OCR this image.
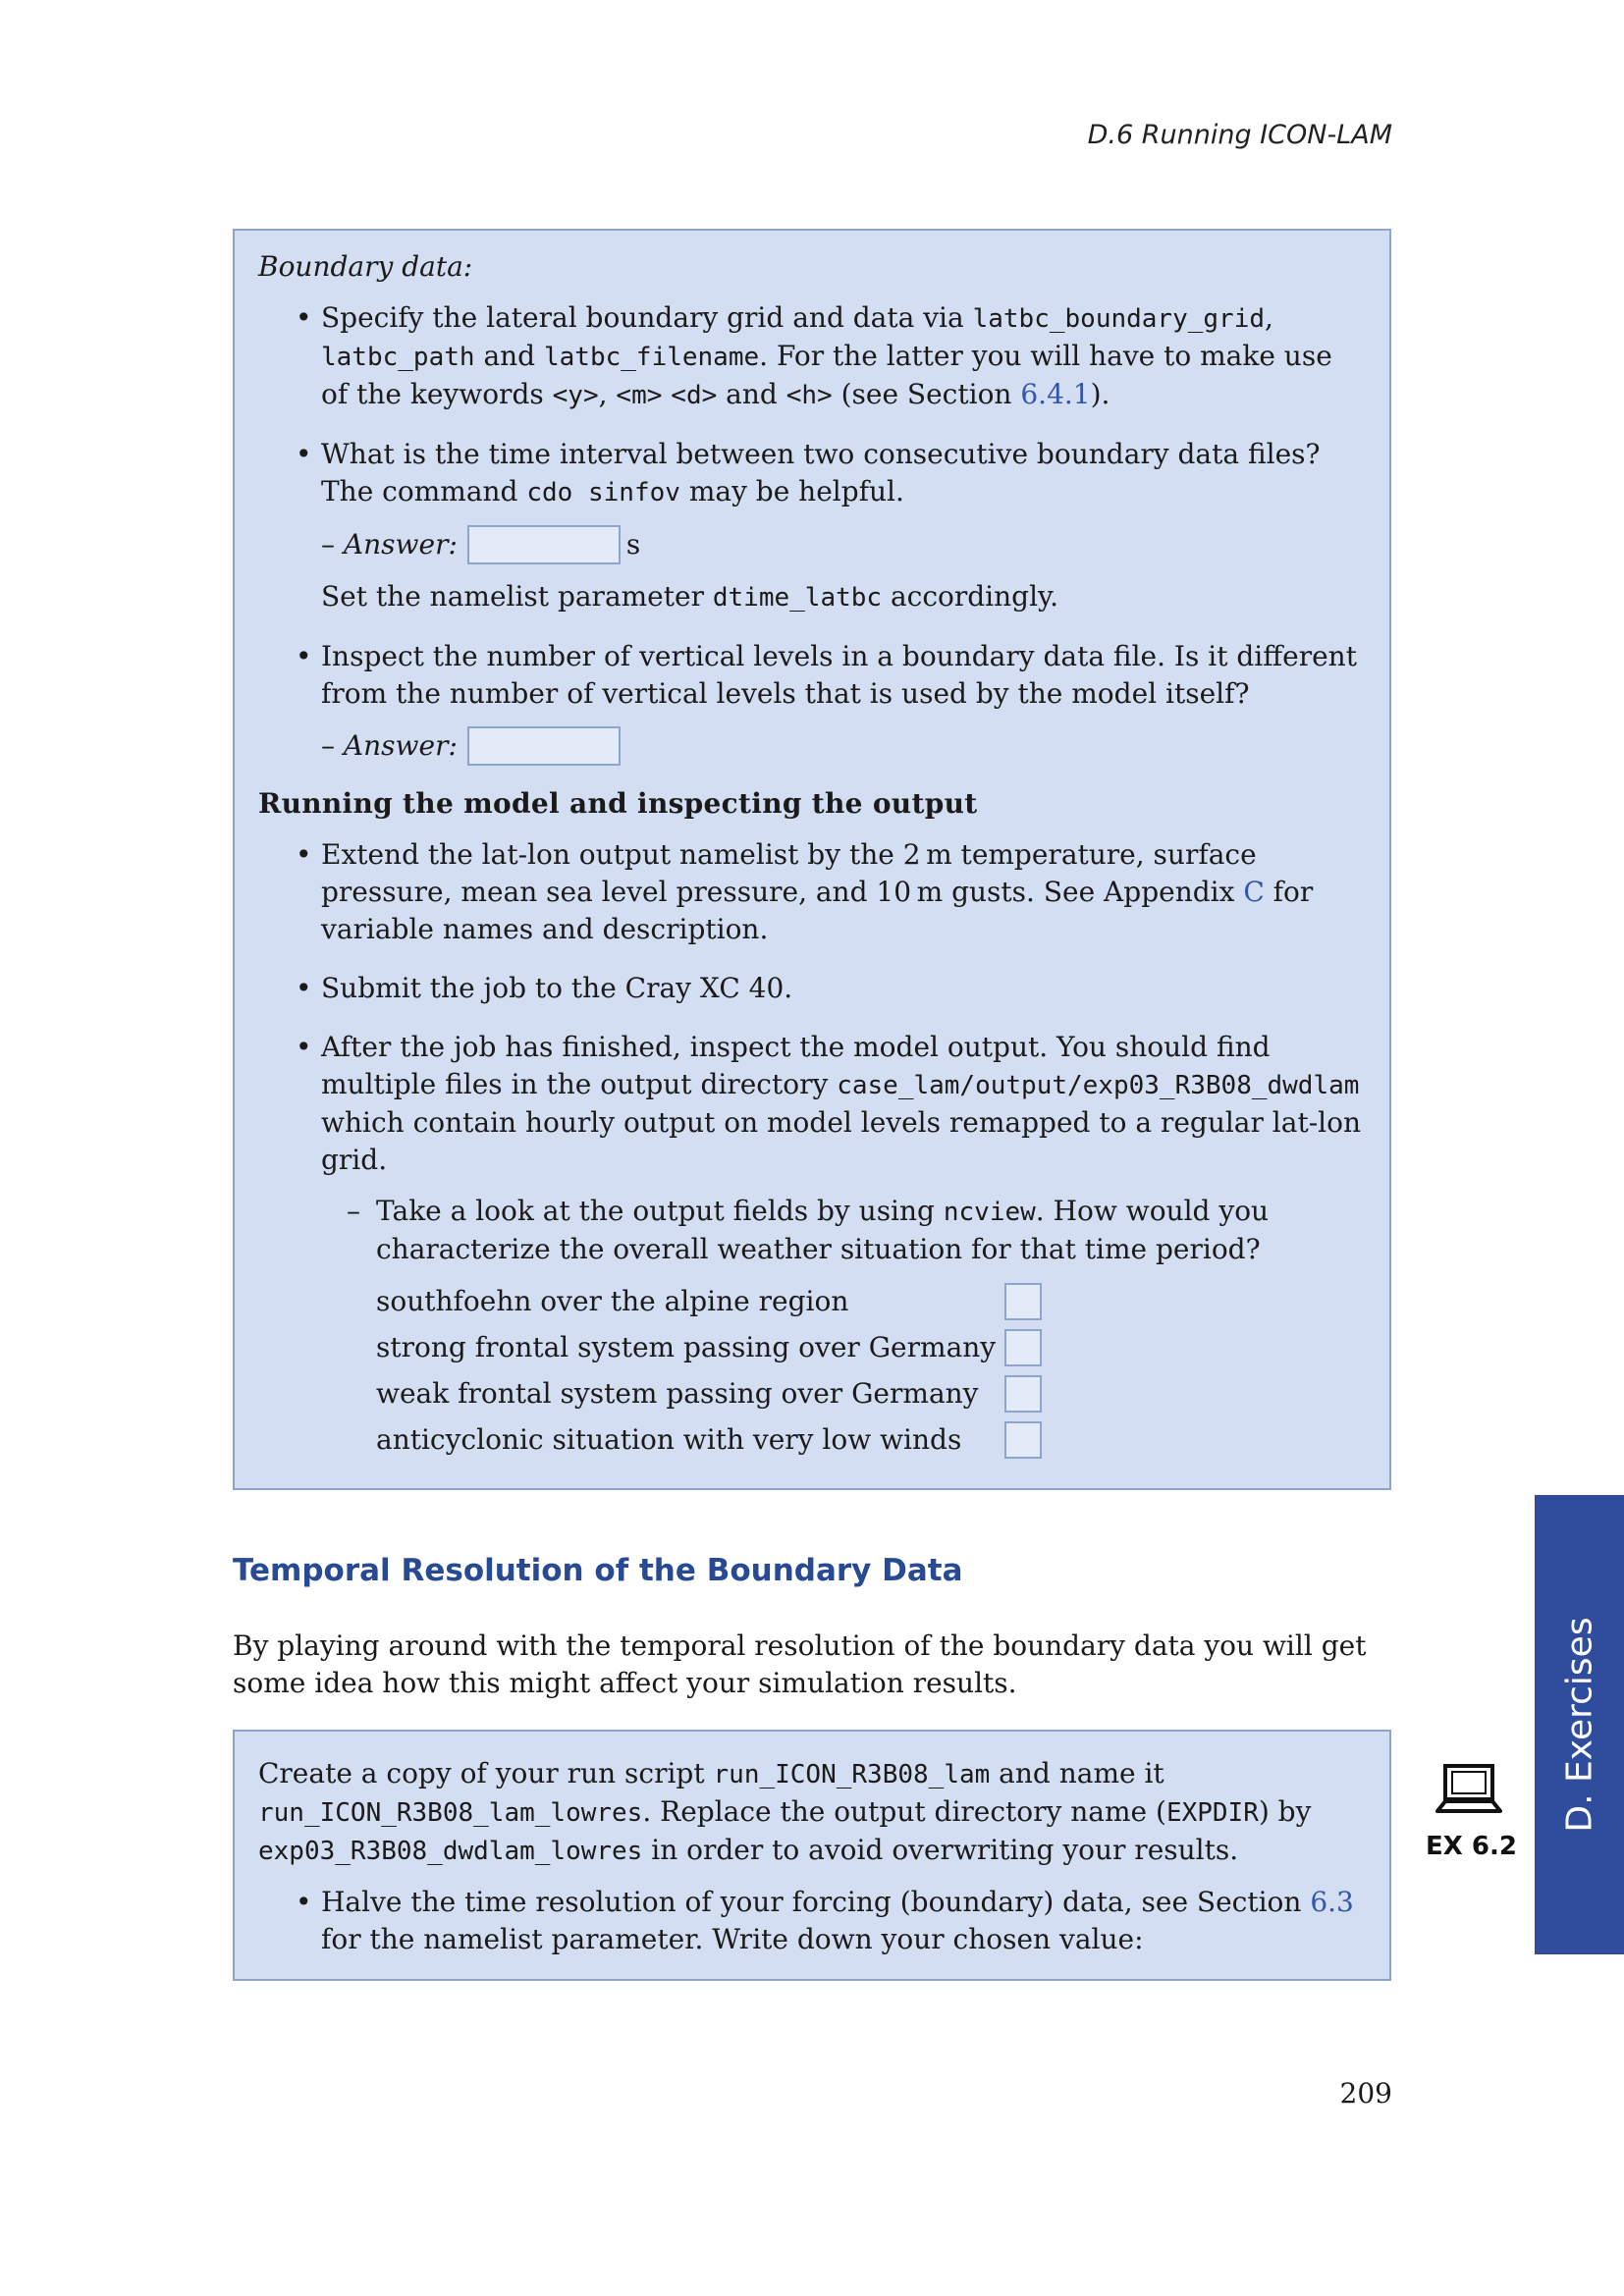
D.6 Running ICON-LAM
Boundary data:
• Specify the lateral boundary grid and data via latbc_boundary_grid,
latbc_path and latbc_filename. For the latter you will have to make use of the keywords <y>, <m> <d> and <h> (see Section 6.4.1).
• What is the time interval between two consecutive boundary data files?
The command cdo sinfov may be helpful.
– Answer:	s
Set the namelist parameter dtime_latbc accordingly.
• Inspect the number of vertical levels in a boundary data file. Is it different from the number of vertical levels that is used by the model itself?
– Answer:
Running the model and inspecting the output
• Extend the lat-lon output namelist by the 2 m temperature, surface pressure, mean sea level pressure, and 10 m gusts. See Appendix C for variable names and description.
• Submit the job to the Cray XC 40.
• After the job has finished, inspect the model output. You should find multiple files in the output directory case_lam/output/exp03_R3B08_dwdlam which contain hourly output on model levels remapped to a regular lat-lon grid.
– Take a look at the output fields by using ncview. How would you characterize the overall weather situation for that time period?
southfoehn over the alpine region
strong frontal system passing over Germany
weak frontal system passing over Germany
anticyclonic situation with very low winds
Temporal Resolution of the Boundary Data
By playing around with the temporal resolution of the boundary data you will get some idea how this might affect your simulation results.
Create a copy of your run script run_ICON_R3B08_lam and name it
run_ICON_R3B08_lam_lowres. Replace the output directory name (EXPDIR) by
exp03_R3B08_dwdlam_lowres in order to avoid overwriting your results.
• Halve the time resolution of your forcing (boundary) data, see Section 6.3 for the namelist parameter. Write down your chosen value:
EX 6.2
D. Exercises
209
